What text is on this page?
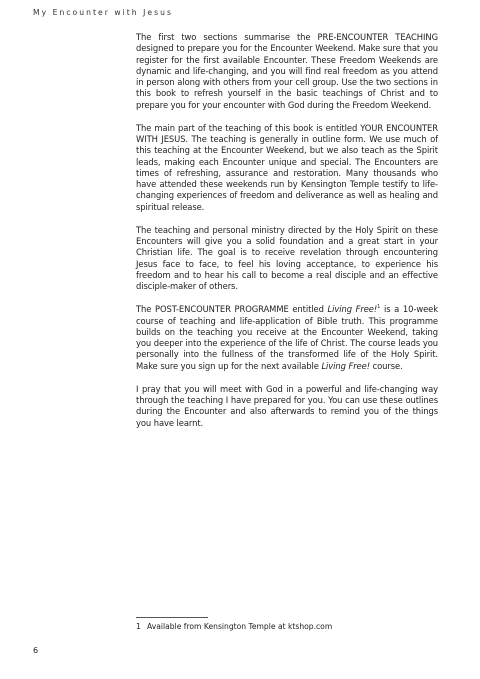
My Encounter with Jesus

The first two sections summarise the PRE-ENCOUNTER TEACHING designed to prepare you for the Encounter Weekend. Make sure that you register for the first available Encounter. These Freedom Weekends are dynamic and life-changing, and you will find real freedom as you attend in person along with others from your cell group. Use the two sections in this book to refresh yourself in the basic teachings of Christ and to prepare you for your encounter with God during the Freedom Weekend.

The main part of the teaching of this book is entitled YOUR ENCOUNTER WITH JESUS. The teaching is generally in outline form. We use much of this teaching at the Encounter Weekend, but we also teach as the Spirit leads, making each Encounter unique and special. The Encounters are times of refreshing, assurance and restoration. Many thousands who have attended these weekends run by Kensington Temple testify to life-changing experiences of freedom and deliverance as well as healing and spiritual release.

The teaching and personal ministry directed by the Holy Spirit on these Encounters will give you a solid foundation and a great start in your Christian life. The goal is to receive revelation through encountering Jesus face to face, to feel his loving acceptance, to experience his freedom and to hear his call to become a real disciple and an effective disciple-maker of others.

The POST-ENCOUNTER PROGRAMME entitled Living Free!$^1$ is a 10-week course of teaching and life-application of Bible truth. This programme builds on the teaching you receive at the Encounter Weekend, taking you deeper into the experience of the life of Christ. The course leads you personally into the fullness of the transformed life of the Holy Spirit. Make sure you sign up for the next available Living Free! course.

I pray that you will meet with God in a powerful and life-changing way through the teaching I have prepared for you. You can use these outlines during the Encounter and also afterwards to remind you of the things you have learnt.

1 Available from Kensington Temple at ktshop.com
6
